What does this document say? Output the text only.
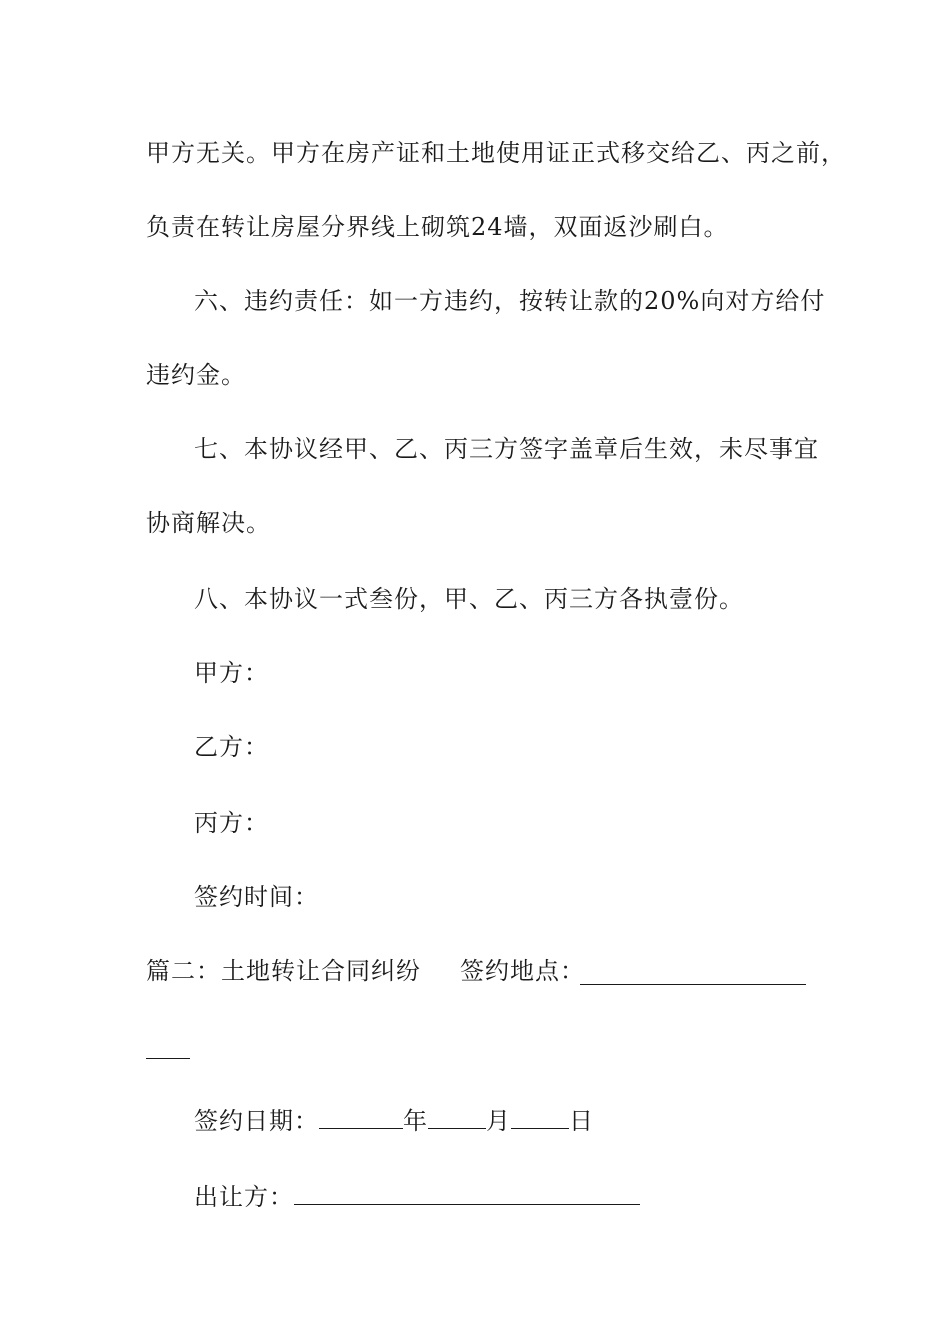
甲方无关。甲方在房产证和土地使用证正式移交给乙、丙之前，
负责在转让房屋分界线上砌筑24墙，双面返沙刷白。
六、违约责任：如一方违约，按转让款的20%向对方给付
违约金。
七、本协议经甲、乙、丙三方签字盖章后生效，未尽事宜
协商解决。
八、本协议一式叁份，甲、乙、丙三方各执壹份。
甲方：
乙方：
丙方：
签约时间：
篇二：土地转让合同纠纷 签约地点：
签约日期：	年 月 日
出让方：
